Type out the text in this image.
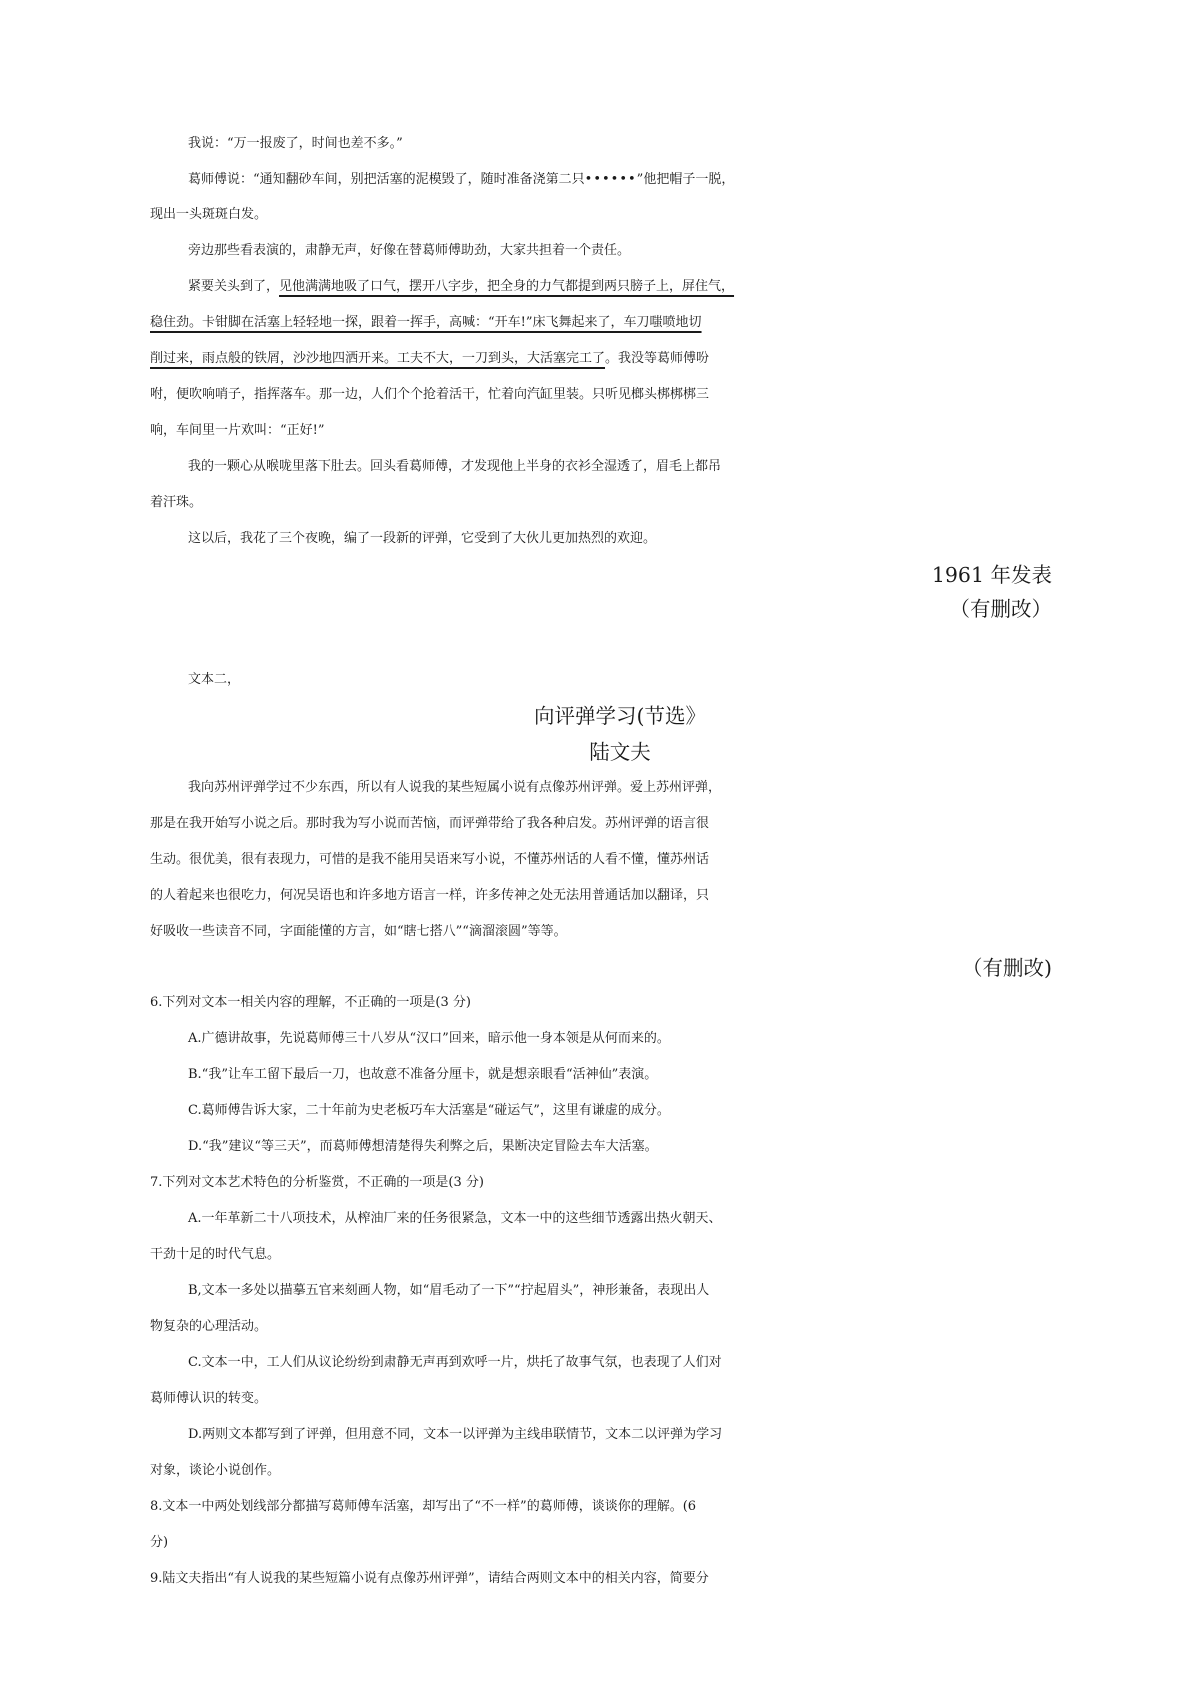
我说：“万一报废了，时间也差不多。”
葛师傅说：“通知翻砂车间，别把活塞的泥模毁了，随时准备浇第二只••••••”他把帽子一脱，
现出一头斑斑白发。
旁边那些看表演的，肃静无声，好像在替葛师傅助劲，大家共担着一个责任。
紧要关头到了，见他满满地吸了口气，摆开八字步，把全身的力气都提到两只膀子上，屏住气，
稳住劲。卡钳脚在活塞上轻轻地一探，跟着一挥手，高喊：“开车!”床飞舞起来了，车刀嗤喷地切
削过来，雨点般的铁屑，沙沙地四洒开来。工夫不大，一刀到头，大活塞完工了。我没等葛师傅吩
咐，便吹响哨子，指挥落车。那一边，人们个个抢着活干，忙着向汽缸里装。只听见榔头梆梆梆三
响，车间里一片欢叫：“正好!”
我的一颗心从喉咙里落下肚去。回头看葛师傅，才发现他上半身的衣衫全湿透了，眉毛上都吊
着汗珠。
这以后，我花了三个夜晚，编了一段新的评弹，它受到了大伙儿更加热烈的欢迎。
1961 年发表
（有删改）
文本二，
向评弹学习(节选》
陆文夫
我向苏州评弹学过不少东西，所以有人说我的某些短属小说有点像苏州评弹。爱上苏州评弹，
那是在我开始写小说之后。那时我为写小说而苦恼，而评弹带给了我各种启发。苏州评弹的语言很
生动。很优美，很有表现力，可惜的是我不能用吴语来写小说，不懂苏州话的人看不懂，懂苏州话
的人着起来也很吃力，何况吴语也和许多地方语言一样，许多传神之处无法用普通话加以翻译，只
好吸收一些读音不同，字面能懂的方言，如“瞎七搭八”“滴溜滚圆”等等。
（有删改)
6.下列对文本一相关内容的理解，不正确的一项是(3 分)
A.广德讲故事，先说葛师傅三十八岁从“汉口”回来，暗示他一身本领是从何而来的。
B.“我”让车工留下最后一刀，也故意不准备分厘卡，就是想亲眼看“活神仙”表演。
C.葛师傅告诉大家，二十年前为史老板巧车大活塞是“碰运气”，这里有谦虚的成分。
D.“我”建议“等三天”，而葛师傅想清楚得失利弊之后，果断决定冒险去车大活塞。
7.下列对文本艺术特色的分析鉴赏，不正确的一项是(3 分)
A.一年革新二十八项技术，从榨油厂来的任务很紧急，文本一中的这些细节透露出热火朝天、
干劲十足的时代气息。
B,文本一多处以描摹五官来刻画人物，如“眉毛动了一下”“拧起眉头”，神形兼备，表现出人
物复杂的心理活动。
C.文本一中，工人们从议论纷纷到肃静无声再到欢呼一片，烘托了故事气氛，也表现了人们对
葛师傅认识的转变。
D.两则文本都写到了评弹，但用意不同，文本一以评弹为主线串联情节，文本二以评弹为学习
对象，谈论小说创作。
8.文本一中两处划线部分都描写葛师傅车活塞，却写出了“不一样”的葛师傅，谈谈你的理解。(6
分)
9.陆文夫指出“有人说我的某些短篇小说有点像苏州评弹”，请结合两则文本中的相关内容，简要分
